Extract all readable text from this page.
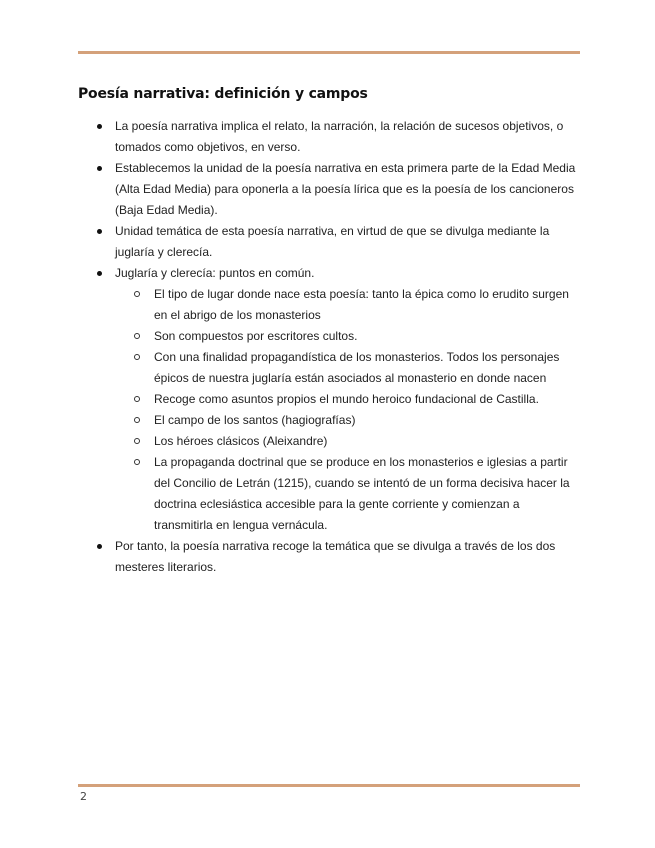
Poesía narrativa: definición y campos
La poesía narrativa implica el relato, la narración, la relación de sucesos objetivos, o tomados como objetivos, en verso.
Establecemos la unidad de la poesía narrativa en esta primera parte de la Edad Media (Alta Edad Media) para oponerla a la poesía lírica que es la poesía de los cancioneros (Baja Edad Media).
Unidad temática de esta poesía narrativa, en virtud de que se divulga mediante la juglaría y clerecía.
Juglaría y clerecía: puntos en común.
El tipo de lugar donde nace esta poesía: tanto la épica como lo erudito surgen en el abrigo de los monasterios
Son compuestos por escritores cultos.
Con una finalidad propagandística de los monasterios. Todos los personajes épicos de nuestra juglaría están asociados al monasterio en donde nacen
Recoge como asuntos propios el mundo heroico fundacional de Castilla.
El campo de los santos (hagiografías)
Los héroes clásicos (Aleixandre)
La propaganda doctrinal que se produce en los monasterios e iglesias a partir del Concilio de Letrán (1215), cuando se intentó de un forma decisiva hacer la doctrina eclesiástica accesible para la gente corriente y comienzan a transmitirla en lengua vernácula.
Por tanto, la poesía narrativa recoge la temática que se divulga a través de los dos mesteres literarios.
2
